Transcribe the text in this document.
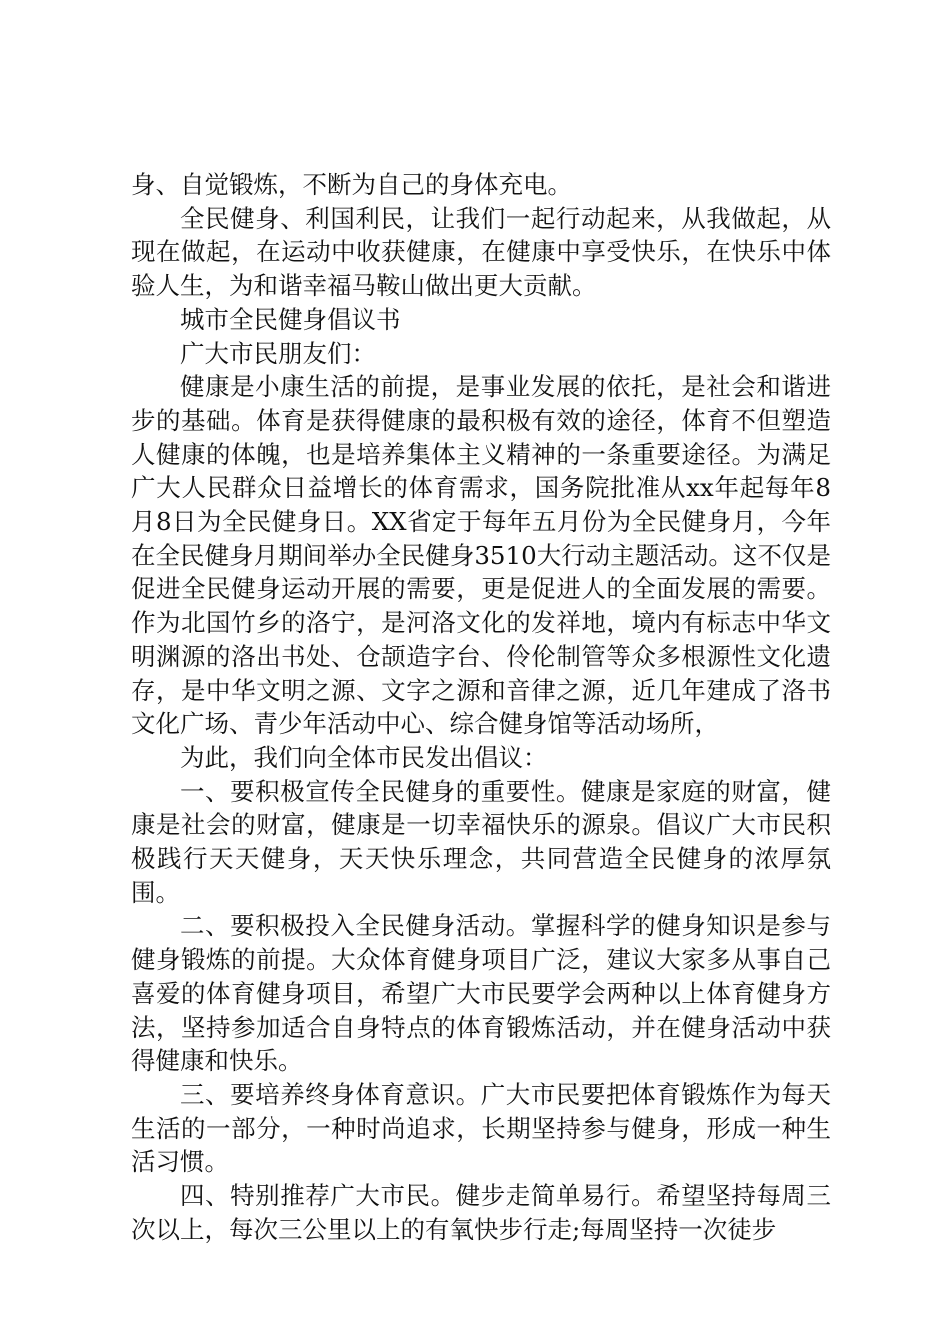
身、自觉锻炼，不断为自己的身体充电。

全民健身、利国利民，让我们一起行动起来，从我做起，从现在做起，在运动中收获健康，在健康中享受快乐，在快乐中体验人生，为和谐幸福马鞍山做出更大贡献。

城市全民健身倡议书

广大市民朋友们：

健康是小康生活的前提，是事业发展的依托，是社会和谐进步的基础。体育是获得健康的最积极有效的途径，体育不但塑造人健康的体魄，也是培养集体主义精神的一条重要途径。为满足广大人民群众日益增长的体育需求，国务院批准从xx年起每年8月8日为全民健身日。XX省定于每年五月份为全民健身月，今年在全民健身月期间举办全民健身3510大行动主题活动。这不仅是促进全民健身运动开展的需要，更是促进人的全面发展的需要。作为北国竹乡的洛宁，是河洛文化的发祥地，境内有标志中华文明渊源的洛出书处、仓颉造字台、伶伦制管等众多根源性文化遗存，是中华文明之源、文字之源和音律之源，近几年建成了洛书文化广场、青少年活动中心、综合健身馆等活动场所，

为此，我们向全体市民发出倡议：

一、要积极宣传全民健身的重要性。健康是家庭的财富，健康是社会的财富，健康是一切幸福快乐的源泉。倡议广大市民积极践行天天健身，天天快乐理念，共同营造全民健身的浓厚氛围。

二、要积极投入全民健身活动。掌握科学的健身知识是参与健身锻炼的前提。大众体育健身项目广泛，建议大家多从事自己喜爱的体育健身项目，希望广大市民要学会两种以上体育健身方法，坚持参加适合自身特点的体育锻炼活动，并在健身活动中获得健康和快乐。

三、要培养终身体育意识。广大市民要把体育锻炼作为每天生活的一部分，一种时尚追求，长期坚持参与健身，形成一种生活习惯。

四、特别推荐广大市民。健步走简单易行。希望坚持每周三次以上，每次三公里以上的有氧快步行走;每周坚持一次徒步
